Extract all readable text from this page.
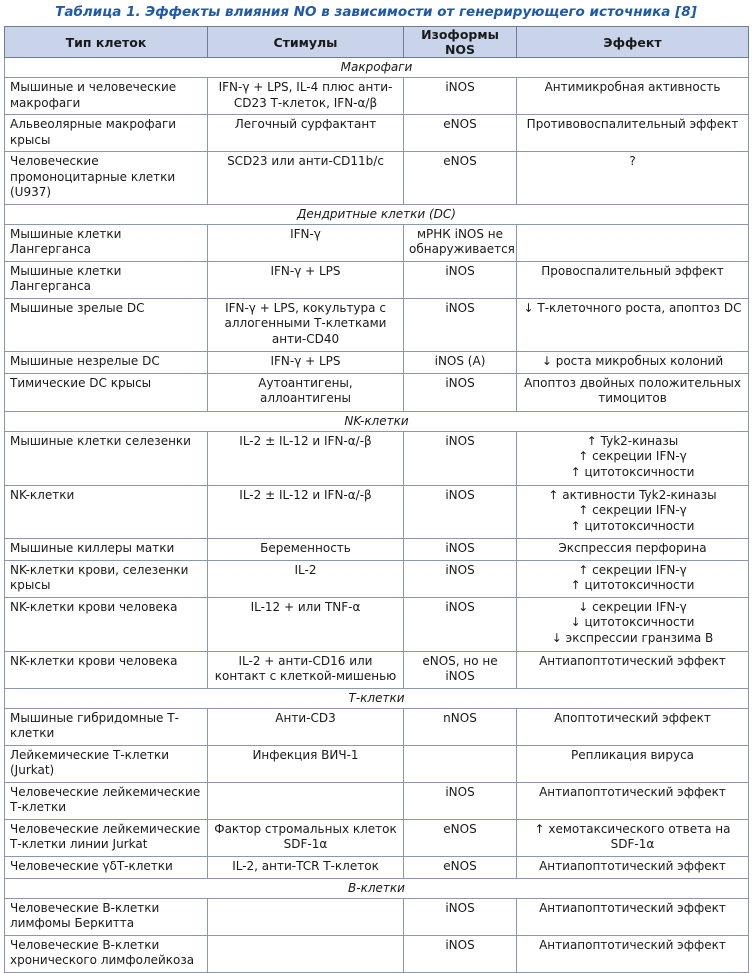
Таблица 1. Эффекты влияния NO в зависимости от генерирующего источника [8]
Тип клеток	Стимулы	Изоформы NOS	Эффект
Макрофаги			
Мышиные и человеческие макрофаги	IFN-γ + LPS, IL-4 плюс анти-CD23 Т-клеток, IFN-α/β	iNOS	Антимикробная активность
Альвеолярные макрофаги крысы	Легочный сурфактант	eNOS	Противовоспалительный эффект
Человеческие промоноцитарные клетки (U937)	SCD23 или анти-CD11b/с	eNOS	?
Дендритные клетки (DC)			
Мышиные клетки Лангерганса	IFN-γ	мРНК iNOS не обнаруживается	
Мышиные клетки Лангерганса	IFN-γ + LPS	iNOS	Провоспалительный эффект
Мышиные зрелые DC	IFN-γ + LPS, кокультура с аллогенными Т-клетками анти-CD40	iNOS	↓ Т-клеточного роста, апоптоз DC
Мышиные незрелые DC	IFN-γ + LPS	iNOS (A)	↓ роста микробных колоний
Тимические DC крысы	Аутоантигены, аллоантигены	iNOS	Апоптоз двойных положительных тимоцитов
NK-клетки			
Мышиные клетки селезенки	IL-2 ± IL-12 и IFN-α/-β	iNOS	↑ Tyk2-киназы
↑ секреции IFN-γ
↑ цитотоксичности
NK-клетки	IL-2 ± IL-12 и IFN-α/-β	iNOS	↑ активности Tyk2-киназы
↑ секреции IFN-γ
↑ цитотоксичности
Мышиные киллеры матки	Беременность	iNOS	Экспрессия перфорина
NK-клетки крови, селезенки крысы	IL-2	iNOS	↑ секреции IFN-γ
↑ цитотоксичности
NK-клетки крови человека	IL-12 + или TNF-α	iNOS	↓ секреции IFN-γ
↓ цитотоксичности
↓ экспрессии гранзима В
NK-клетки крови человека	IL-2 + анти-CD16 или контакт с клеткой-мишенью	eNOS, но не iNOS	Антиапоптотический эффект
Т-клетки			
Мышиные гибридомные Т-клетки	Анти-CD3	nNOS	Апоптотический эффект
Лейкемические Т-клетки (Jurkat)	Инфекция ВИЧ-1		Репликация вируса
Человеческие лейкемические Т-клетки		iNOS	Антиапоптотический эффект
Человеческие лейкемические Т-клетки линии Jurkat	Фактор стромальных клеток SDF-1α	eNOS	↑ хемотаксического ответа на SDF-1α
Человеческие γδТ-клетки	IL-2, анти-TCR Т-клеток	eNOS	Антиапоптотический эффект
В-клетки			
Человеческие В-клетки лимфомы Беркитта		iNOS	Антиапоптотический эффект
Человеческие В-клетки хронического лимфолейкоза		iNOS	Антиапоптотический эффект
